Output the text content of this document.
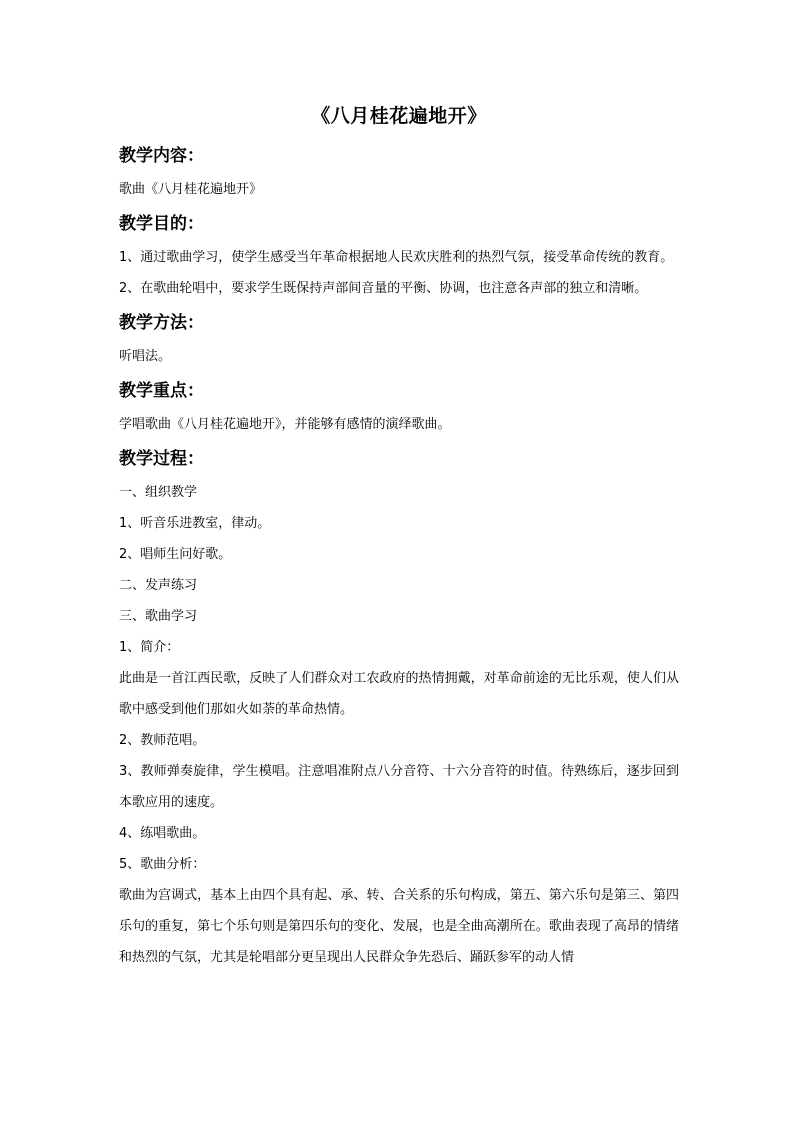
《八月桂花遍地开》
教学内容：

歌曲《八月桂花遍地开》

教学目的：

1、通过歌曲学习，使学生感受当年革命根据地人民欢庆胜利的热烈气氛，接受革命传统的教育。

2、在歌曲轮唱中，要求学生既保持声部间音量的平衡、协调，也注意各声部的独立和清晰。

教学方法：

听唱法。

教学重点：

学唱歌曲《八月桂花遍地开》，并能够有感情的演绎歌曲。

教学过程：

一、组织教学

1、听音乐进教室，律动。

2、唱师生问好歌。

二、发声练习

三、歌曲学习

1、简介：

此曲是一首江西民歌，反映了人们群众对工农政府的热情拥戴，对革命前途的无比乐观，使人们从歌中感受到他们那如火如荼的革命热情。

2、教师范唱。

3、教师弹奏旋律，学生模唱。注意唱准附点八分音符、十六分音符的时值。待熟练后，逐步回到本歌应用的速度。

4、练唱歌曲。

5、歌曲分析：

歌曲为宫调式，基本上由四个具有起、承、转、合关系的乐句构成，第五、第六乐句是第三、第四乐句的重复，第七个乐句则是第四乐句的变化、发展，也是全曲高潮所在。歌曲表现了高昂的情绪和热烈的气氛，尤其是轮唱部分更呈现出人民群众争先恐后、踊跃参军的动人情
